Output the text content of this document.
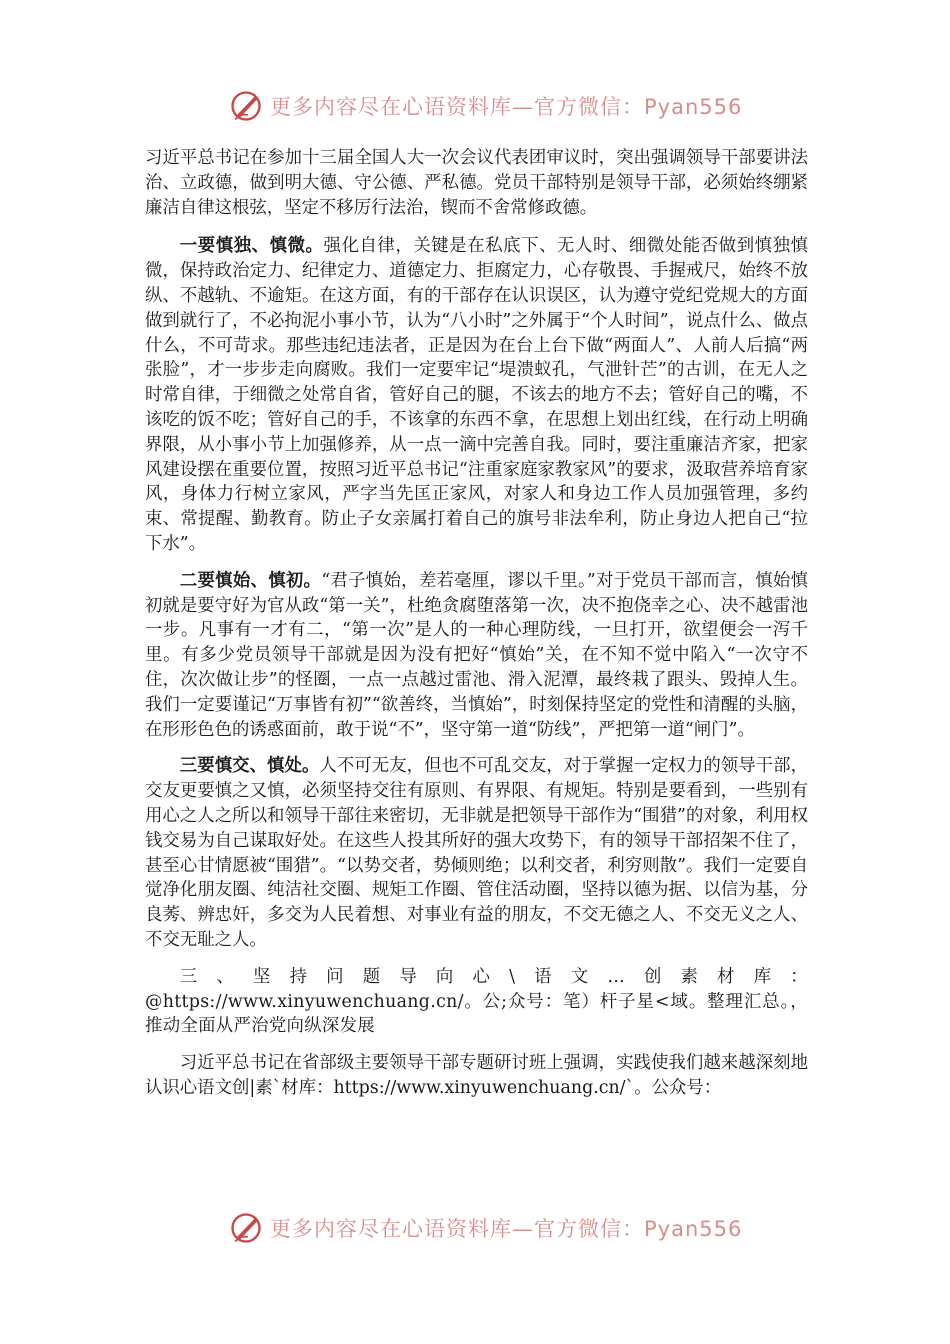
更多内容尽在心语资料库—官方微信：Pyan556

习近平总书记在参加十三届全国人大一次会议代表团审议时，突出强调领导干部要讲法治、立政德，做到明大德、守公德、严私德。党员干部特别是领导干部，必须始终绷紧廉洁自律这根弦，坚定不移厉行法治，锲而不舍常修政德。

一要慎独、慎微。强化自律，关键是在私底下、无人时、细微处能否做到慎独慎微，保持政治定力、纪律定力、道德定力、拒腐定力，心存敬畏、手握戒尺，始终不放纵、不越轨、不逾矩。在这方面，有的干部存在认识误区，认为遵守党纪党规大的方面做到就行了，不必拘泥小事小节，认为“八小时”之外属于“个人时间”，说点什么、做点什么，不可苛求。那些违纪违法者，正是因为在台上台下做“两面人”、人前人后搞“两张脸”，才一步步走向腐败。我们一定要牢记“堤溃蚁孔，气泄针芒”的古训，在无人之时常自律，于细微之处常自省，管好自己的腿，不该去的地方不去；管好自己的嘴，不该吃的饭不吃；管好自己的手，不该拿的东西不拿，在思想上划出红线，在行动上明确界限，从小事小节上加强修养，从一点一滴中完善自我。同时，要注重廉洁齐家，把家风建设摆在重要位置，按照习近平总书记“注重家庭家教家风”的要求，汲取营养培育家风，身体力行树立家风，严字当先匡正家风，对家人和身边工作人员加强管理，多约束、常提醒、勤教育。防止子女亲属打着自己的旗号非法牟利，防止身边人把自己“拉下水”。

二要慎始、慎初。“君子慎始，差若毫厘，谬以千里。”对于党员干部而言，慎始慎初就是要守好为官从政“第一关”，杜绝贪腐堕落第一次，决不抱侥幸之心、决不越雷池一步。凡事有一才有二，“第一次”是人的一种心理防线，一旦打开，欲望便会一泻千里。有多少党员领导干部就是因为没有把好“慎始”关，在不知不觉中陷入“一次守不住，次次做让步”的怪圈，一点一点越过雷池、滑入泥潭，最终栽了跟头、毁掉人生。我们一定要谨记“万事皆有初”“欲善终，当慎始”，时刻保持坚定的党性和清醒的头脑，在形形色色的诱惑面前，敢于说“不”，坚守第一道“防线”，严把第一道“闸门”。

三要慎交、慎处。人不可无友，但也不可乱交友，对于掌握一定权力的领导干部，交友更要慎之又慎，必须坚持交往有原则、有界限、有规矩。特别是要看到，一些别有用心之人之所以和领导干部往来密切，无非就是把领导干部作为“围猎”的对象，利用权钱交易为自己谋取好处。在这些人投其所好的强大攻势下，有的领导干部招架不住了，甚至心甘情愿被“围猎”。“以势交者，势倾则绝；以利交者，利穷则散”。我们一定要自觉净化朋友圈、纯洁社交圈、规矩工作圈、管住活动圈，坚持以德为据、以信为基，分良莠、辨忠奸，多交为人民着想、对事业有益的朋友，不交无德之人、不交无义之人、不交无耻之人。

三、坚持问题导向心\语文…创素材库：@https://www.xinyuwenchuang.cn/。公;众号：笔）杆子星<域。整理汇总。，推动全面从严治党向纵深发展

习近平总书记在省部级主要领导干部专题研讨班上强调，实践使我们越来越深刻地认识心语文创|素`材库：https://www.xinyuwenchuang.cn/`。公众号：

更多内容尽在心语资料库—官方微信：Pyan556
